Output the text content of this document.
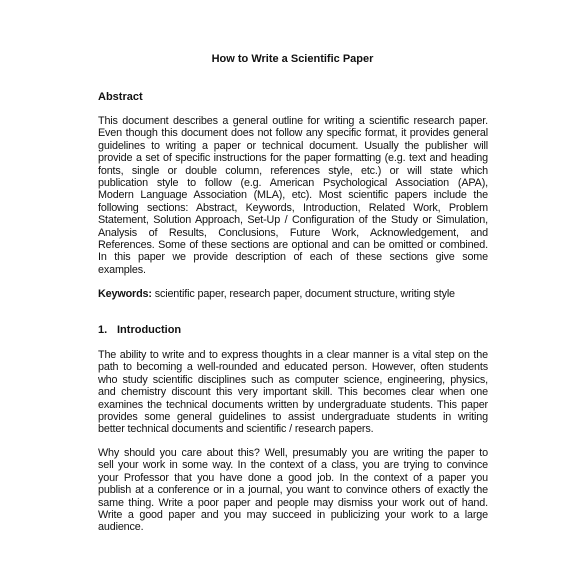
How to Write a Scientific Paper
Abstract
This document describes a general outline for writing a scientific research paper.
Even though this document does not follow any specific format, it provides general
guidelines to writing a paper or technical document. Usually the publisher will
provide a set of specific instructions for the paper formatting (e.g. text and heading
fonts, single or double column, references style, etc.) or will state which
publication style to follow (e.g. American Psychological Association (APA),
Modern Language Association (MLA), etc). Most scientific papers include the
following sections: Abstract, Keywords, Introduction, Related Work, Problem
Statement, Solution Approach, Set-Up / Configuration of the Study or Simulation,
Analysis of Results, Conclusions, Future Work, Acknowledgement, and
References. Some of these sections are optional and can be omitted or combined.
In this paper we provide description of each of these sections give some
examples.
Keywords: scientific paper, research paper, document structure, writing style
1. Introduction
The ability to write and to express thoughts in a clear manner is a vital step on the
path to becoming a well-rounded and educated person. However, often students
who study scientific disciplines such as computer science, engineering, physics,
and chemistry discount this very important skill. This becomes clear when one
examines the technical documents written by undergraduate students. This paper
provides some general guidelines to assist undergraduate students in writing
better technical documents and scientific / research papers.
Why should you care about this? Well, presumably you are writing the paper to
sell your work in some way. In the context of a class, you are trying to convince
your Professor that you have done a good job. In the context of a paper you
publish at a conference or in a journal, you want to convince others of exactly the
same thing. Write a poor paper and people may dismiss your work out of hand.
Write a good paper and you may succeed in publicizing your work to a large
audience.
